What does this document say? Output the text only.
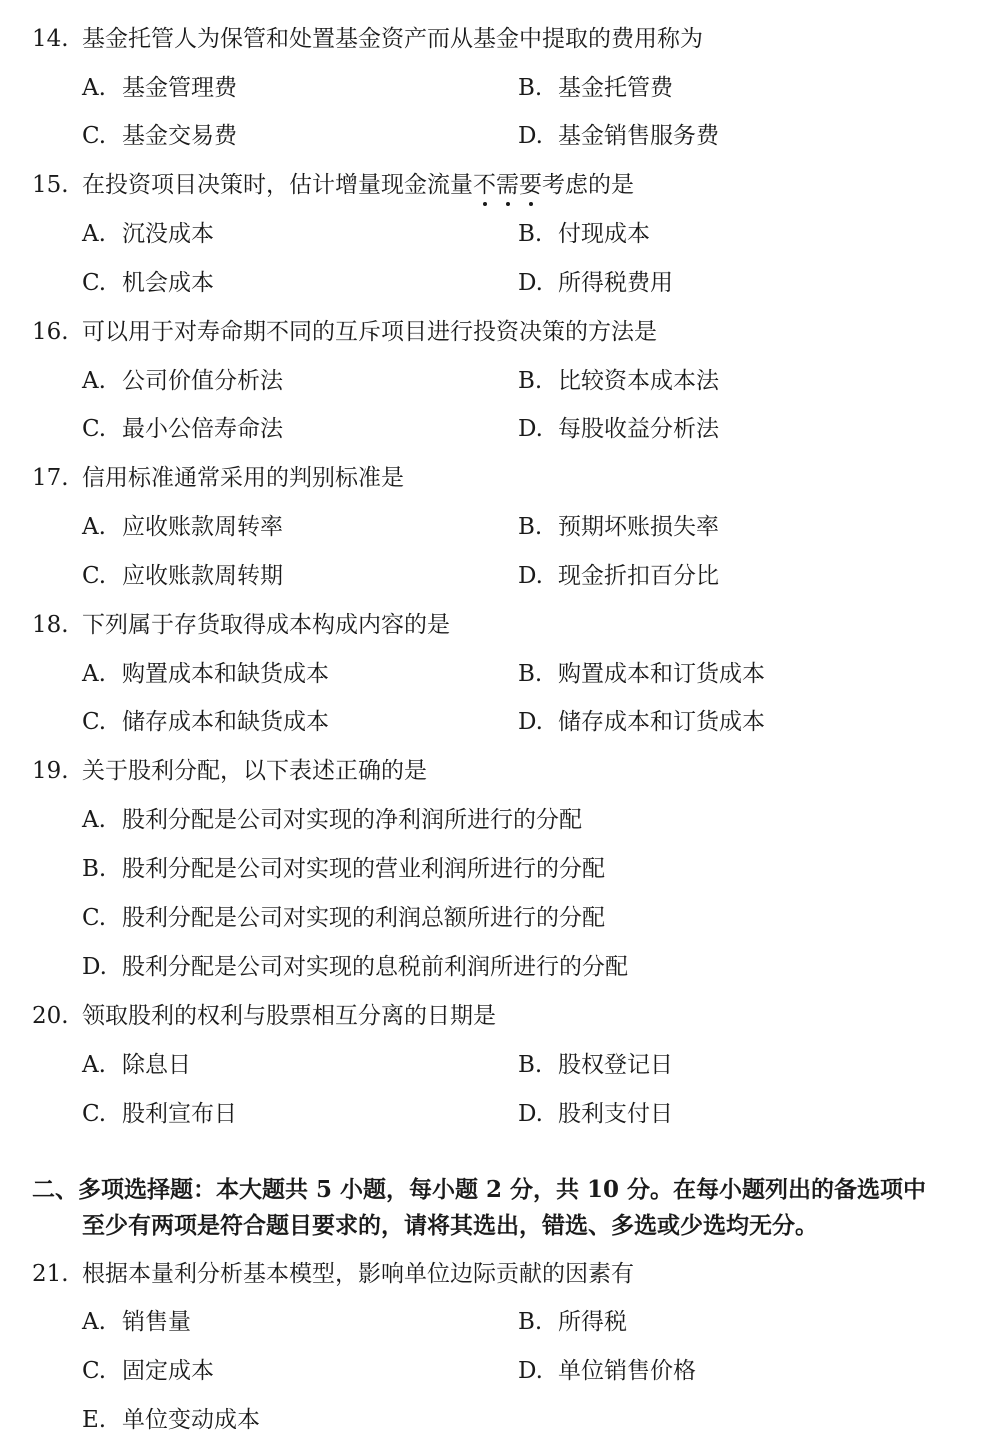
14. 基金托管人为保管和处置基金资产而从基金中提取的费用称为
A. 基金管理费	B. 基金托管费
C. 基金交易费	D. 基金销售服务费
15. 在投资项目决策时，估计增量现金流量不需要考虑的是
A. 沉没成本	B. 付现成本
C. 机会成本	D. 所得税费用
16. 可以用于对寿命期不同的互斥项目进行投资决策的方法是
A. 公司价值分析法	B. 比较资本成本法
C. 最小公倍寿命法	D. 每股收益分析法
17. 信用标准通常采用的判别标准是
A. 应收账款周转率	B. 预期坏账损失率
C. 应收账款周转期	D. 现金折扣百分比
18. 下列属于存货取得成本构成内容的是
A. 购置成本和缺货成本	B. 购置成本和订货成本
C. 储存成本和缺货成本	D. 储存成本和订货成本
19. 关于股利分配，以下表述正确的是
A. 股利分配是公司对实现的净利润所进行的分配
B. 股利分配是公司对实现的营业利润所进行的分配
C. 股利分配是公司对实现的利润总额所进行的分配
D. 股利分配是公司对实现的息税前利润所进行的分配
20. 领取股利的权利与股票相互分离的日期是
A. 除息日	B. 股权登记日
C. 股利宣布日	D. 股利支付日
二、多项选择题：本大题共 5 小题，每小题 2 分，共 10 分。在每小题列出的备选项中
至少有两项是符合题目要求的，请将其选出，错选、多选或少选均无分。
21. 根据本量利分析基本模型，影响单位边际贡献的因素有
A. 销售量	B. 所得税
C. 固定成本	D. 单位销售价格
E. 单位变动成本
